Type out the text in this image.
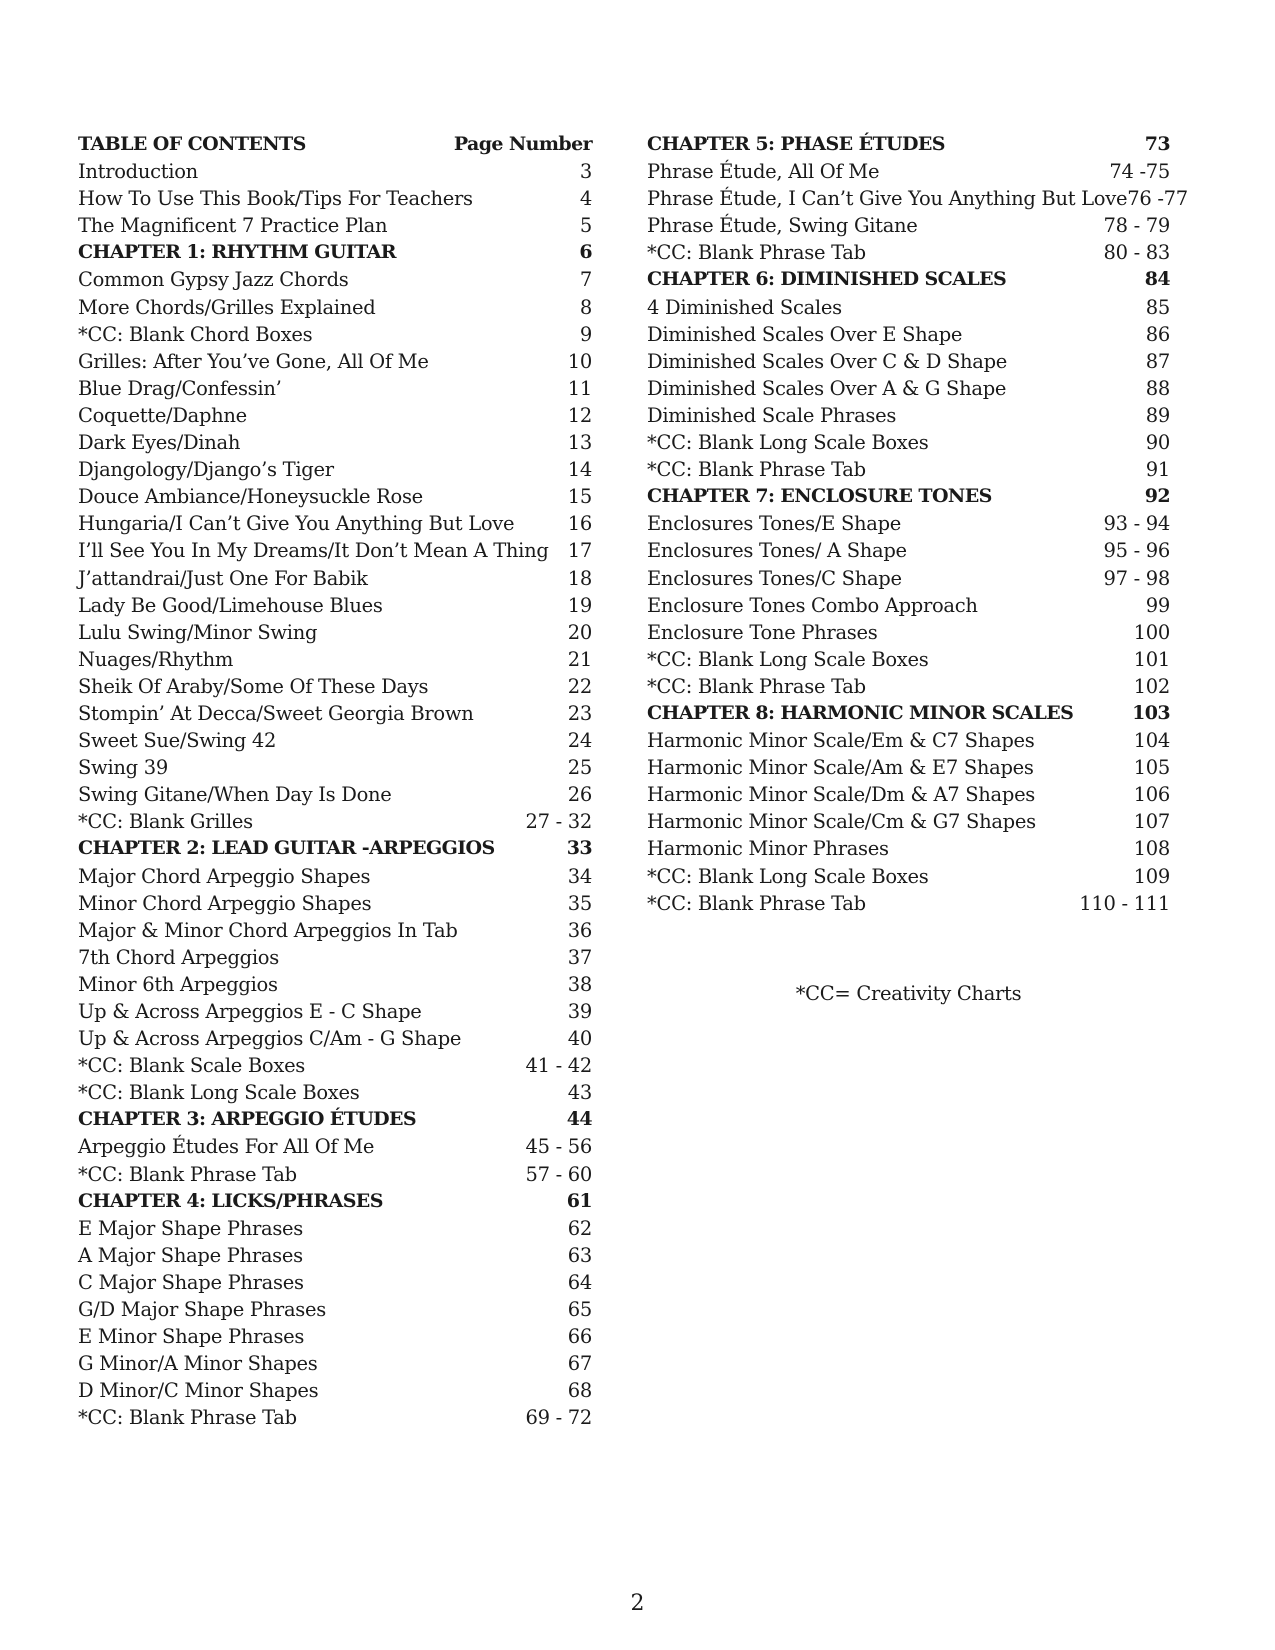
TABLE OF CONTENTS	Page Number
Introduction	3
How To Use This Book/Tips For Teachers	4
The Magnificent 7 Practice Plan	5
CHAPTER 1: RHYTHM GUITAR	6
Common Gypsy Jazz Chords	7
More Chords/Grilles Explained	8
*CC: Blank Chord Boxes	9
Grilles: After You’ve Gone, All Of Me	10
Blue Drag/Confessin’	11
Coquette/Daphne	12
Dark Eyes/Dinah	13
Djangology/Django’s Tiger	14
Douce Ambiance/Honeysuckle Rose	15
Hungaria/I Can’t Give You Anything But Love	16
I’ll See You In My Dreams/It Don’t Mean A Thing 17
J’attandrai/Just One For Babik	18
Lady Be Good/Limehouse Blues	19
Lulu Swing/Minor Swing	20
Nuages/Rhythm	21
Sheik Of Araby/Some Of These Days	22
Stompin’ At Decca/Sweet Georgia Brown	23
Sweet Sue/Swing 42	24
Swing 39	25
Swing Gitane/When Day Is Done	26
*CC: Blank Grilles	27 - 32
CHAPTER 2: LEAD GUITAR -ARPEGGIOS	33
Major Chord Arpeggio Shapes	34
Minor Chord Arpeggio Shapes	35
Major & Minor Chord Arpeggios In Tab	36
7th Chord Arpeggios	37
Minor 6th Arpeggios	38
Up & Across Arpeggios E - C Shape	39
Up & Across Arpeggios C/Am - G Shape	40
*CC: Blank Scale Boxes	41 - 42
*CC: Blank Long Scale Boxes	43
CHAPTER 3: ARPEGGIO ÉTUDES	44
Arpeggio Études For All Of Me	45 - 56
*CC: Blank Phrase Tab	57 - 60
CHAPTER 4: LICKS/PHRASES	61
E Major Shape Phrases	62
A Major Shape Phrases	63
C Major Shape Phrases	64
G/D Major Shape Phrases	65
E Minor Shape Phrases	66
G Minor/A Minor Shapes	67
D Minor/C Minor Shapes	68
*CC: Blank Phrase Tab	69 - 72
CHAPTER 5: PHASE ÉTUDES	73
Phrase Étude, All Of Me	74 -75
Phrase Étude, I Can’t Give You Anything But Love 76 -77
Phrase Étude, Swing Gitane	78 - 79
*CC: Blank Phrase Tab	80 - 83
CHAPTER 6: DIMINISHED SCALES	84
4 Diminished Scales	85
Diminished Scales Over E Shape	86
Diminished Scales Over C & D Shape	87
Diminished Scales Over A & G Shape	88
Diminished Scale Phrases	89
*CC: Blank Long Scale Boxes	90
*CC: Blank Phrase Tab	91
CHAPTER 7: ENCLOSURE TONES	92
Enclosures Tones/E Shape	93 - 94
Enclosures Tones/ A Shape	95 - 96
Enclosures Tones/C Shape	97 - 98
Enclosure Tones Combo Approach	99
Enclosure Tone Phrases	100
*CC: Blank Long Scale Boxes	101
*CC: Blank Phrase Tab	102
CHAPTER 8: HARMONIC MINOR SCALES	103
Harmonic Minor Scale/Em & C7 Shapes	104
Harmonic Minor Scale/Am & E7 Shapes	105
Harmonic Minor Scale/Dm & A7 Shapes	106
Harmonic Minor Scale/Cm & G7 Shapes	107
Harmonic Minor Phrases	108
*CC: Blank Long Scale Boxes	109
*CC: Blank Phrase Tab	110 - 111
*CC= Creativity Charts
2
